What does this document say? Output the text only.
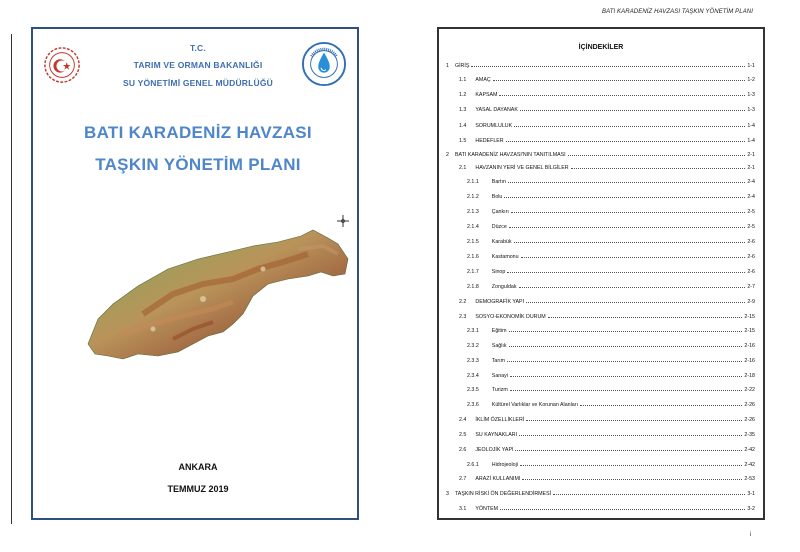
BATI KARADENİZ HAVZASI TAŞKIN YÖNETİM PLANI
T.C.
TARIM VE ORMAN BAKANLIĞI
SU YÖNETİMİ GENEL MÜDÜRLÜĞÜ
BATI KARADENİZ HAVZASI
TAŞKIN YÖNETİM PLANI
ANKARA
TEMMUZ 2019
İÇİNDEKİLER
1 GİRİŞ	1-1
1.1 AMAÇ	1-2
1.2 KAPSAM	1-3
1.3 YASAL DAYANAK	1-3
1.4 SORUMLULUK	1-4
1.5 HEDEFLER	1-4
2 BATI KARADENİZ HAVZASI'NIN TANITILMASI	2-1
2.1 HAVZANIN YERİ VE GENEL BİLGİLER	2-1
2.1.1 Bartın	2-4
2.1.2 Bolu	2-4
2.1.3 Çankırı	2-5
2.1.4 Düzce	2-5
2.1.5 Karabük	2-6
2.1.6 Kastamonu	2-6
2.1.7 Sinop	2-6
2.1.8 Zonguldak	2-7
2.2 DEMOGRAFİK YAPI	2-9
2.3 SOSYO-EKONOMİK DURUM	2-15
2.3.1 Eğitim	2-15
2.3.2 Sağlık	2-16
2.3.3 Tarım	2-16
2.3.4 Sanayi	2-18
2.3.5 Turizm	2-22
2.3.6 Kültürel Varlıklar ve Korunan Alanları	2-26
2.4 İKLİM ÖZELLİKLERİ	2-26
2.5 SU KAYNAKLARI	2-35
2.6 JEOLOJİK YAPI	2-42
2.6.1 Hidrojeoloji	2-42
2.7 ARAZİ KULLANIMI	2-53
3 TAŞKIN RİSKİ ÖN DEĞERLENDİRMESİ	3-1
3.1 YÖNTEM	3-2
i
